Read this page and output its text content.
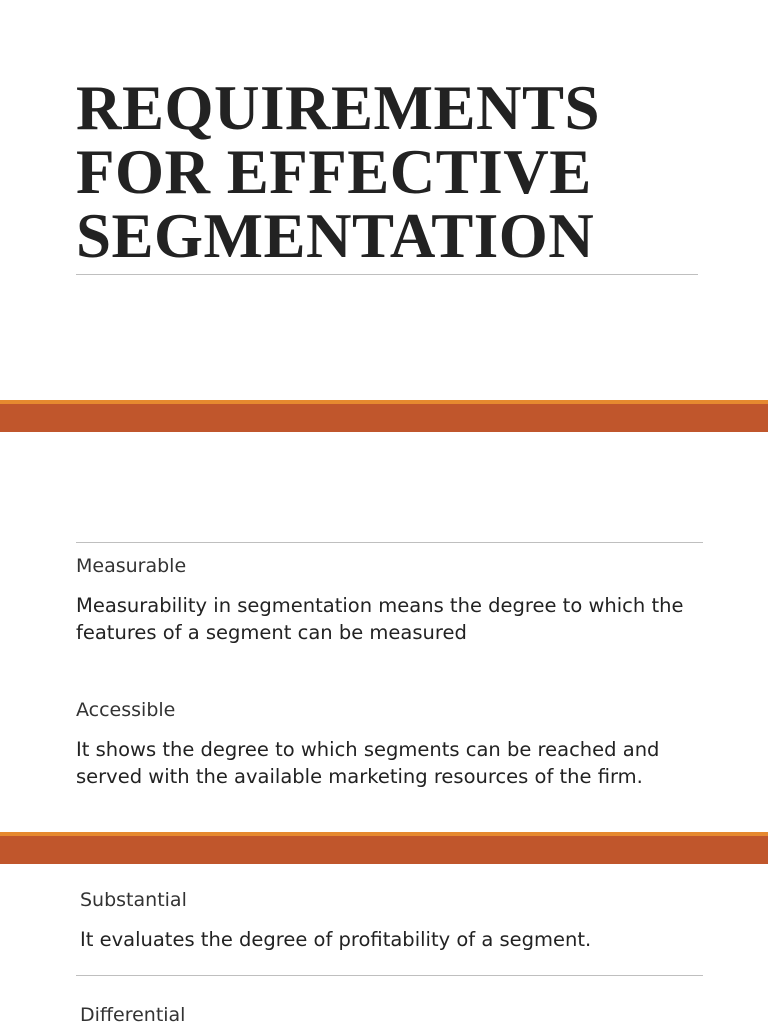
REQUIREMENTS FOR EFFECTIVE SEGMENTATION

Measurable

Measurability in segmentation means the degree to which the features of a segment can be measured

Accessible

It shows the degree to which segments can be reached and served with the available marketing resources of the firm.

Substantial

It evaluates the degree of profitability of a segment.

Differential
